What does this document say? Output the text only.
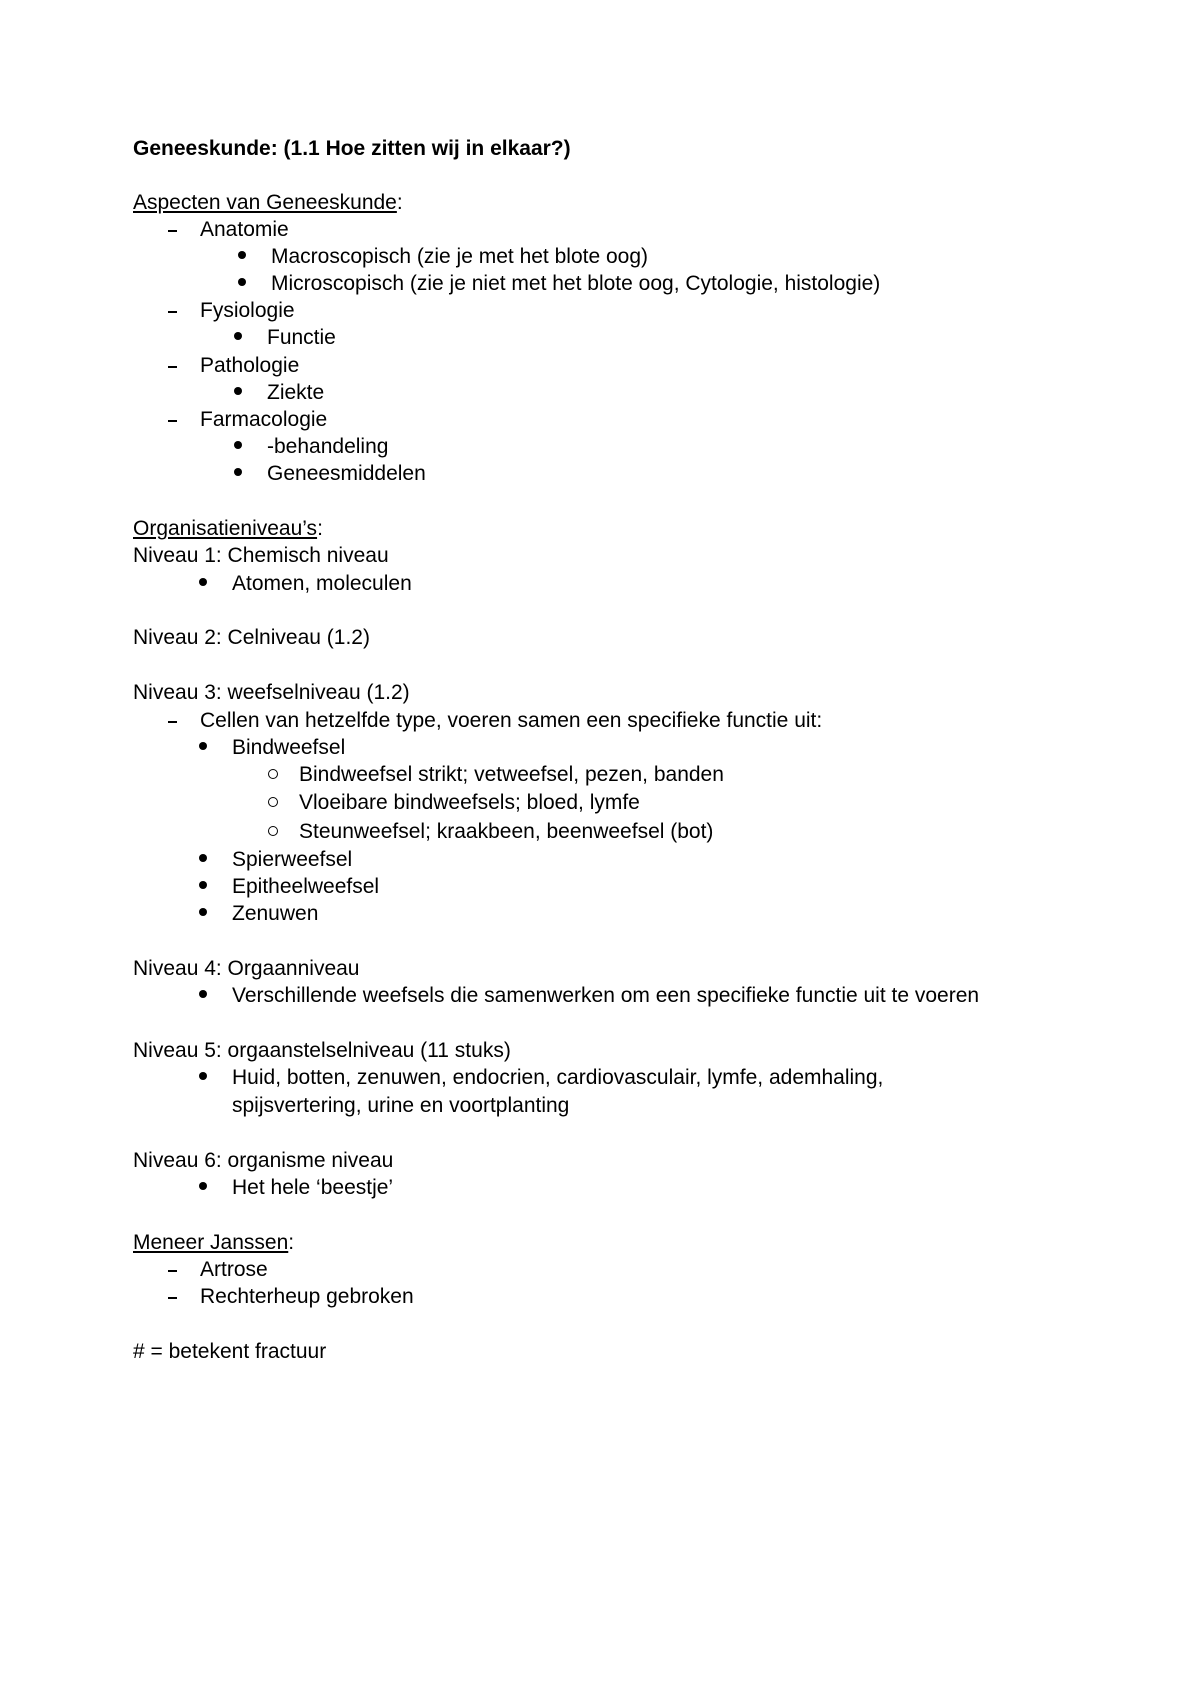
Geneeskunde: (1.1 Hoe zitten wij in elkaar?)
Aspecten van Geneeskunde:
Anatomie
Macroscopisch (zie je met het blote oog)
Microscopisch (zie je niet met het blote oog, Cytologie, histologie)
Fysiologie
Functie
Pathologie
Ziekte
Farmacologie
-behandeling
Geneesmiddelen
Organisatieniveau’s:
Niveau 1: Chemisch niveau
Atomen, moleculen
Niveau 2: Celniveau (1.2)
Niveau 3: weefselniveau (1.2)
Cellen van hetzelfde type, voeren samen een specifieke functie uit:
Bindweefsel
Bindweefsel strikt; vetweefsel, pezen, banden
Vloeibare bindweefsels; bloed, lymfe
Steunweefsel; kraakbeen, beenweefsel (bot)
Spierweefsel
Epitheelweefsel
Zenuwen
Niveau 4: Orgaanniveau
Verschillende weefsels die samenwerken om een specifieke functie uit te voeren
Niveau 5: orgaanstelselniveau (11 stuks)
Huid, botten, zenuwen, endocrien, cardiovasculair, lymfe, ademhaling,
spijsvertering, urine en voortplanting
Niveau 6: organisme niveau
Het hele ‘beestje’
Meneer Janssen:
Artrose
Rechterheup gebroken
# = betekent fractuur
